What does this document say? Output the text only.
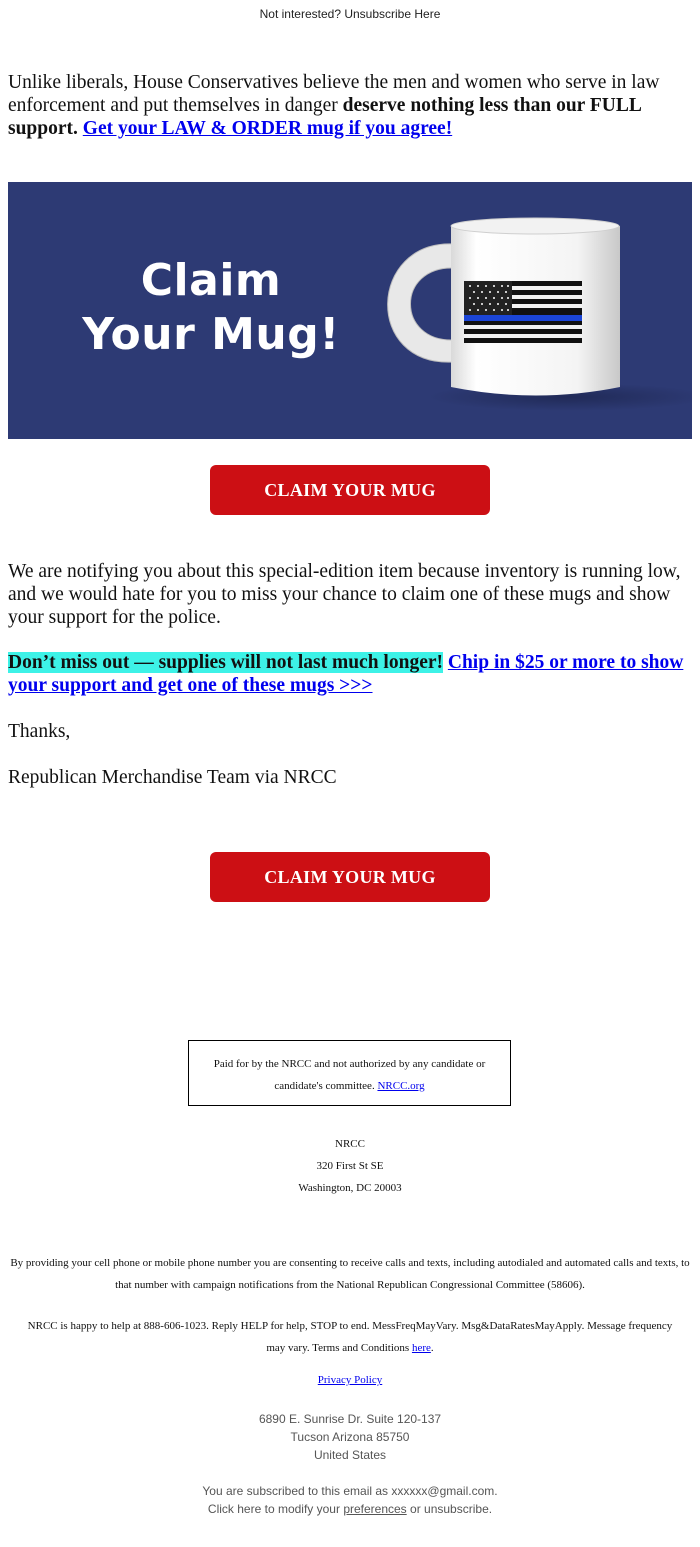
Not interested? Unsubscribe Here
Unlike liberals, House Conservatives believe the men and women who serve in law enforcement and put themselves in danger deserve nothing less than our FULL support. Get your LAW & ORDER mug if you agree!
Claim
Your Mug!
CLAIM YOUR MUG
We are notifying you about this special-edition item because inventory is running low, and we would hate for you to miss your chance to claim one of these mugs and show your support for the police.
Don’t miss out — supplies will not last much longer! Chip in $25 or more to show your support and get one of these mugs >>>
Thanks,
Republican Merchandise Team via NRCC
CLAIM YOUR MUG
Paid for by the NRCC and not authorized by any candidate or candidate's committee. NRCC.org
NRCC
320 First St SE
Washington, DC 20003
By providing your cell phone or mobile phone number you are consenting to receive calls and texts, including autodialed and automated calls and texts, to that number with campaign notifications from the National Republican Congressional Committee (58606).
NRCC is happy to help at 888-606-1023. Reply HELP for help, STOP to end. MessFreqMayVary. Msg&DataRatesMayApply. Message frequency may vary. Terms and Conditions here.
Privacy Policy
6890 E. Sunrise Dr. Suite 120-137
Tucson Arizona 85750
United States
You are subscribed to this email as xxxxxx@gmail.com.
Click here to modify your preferences or unsubscribe.
